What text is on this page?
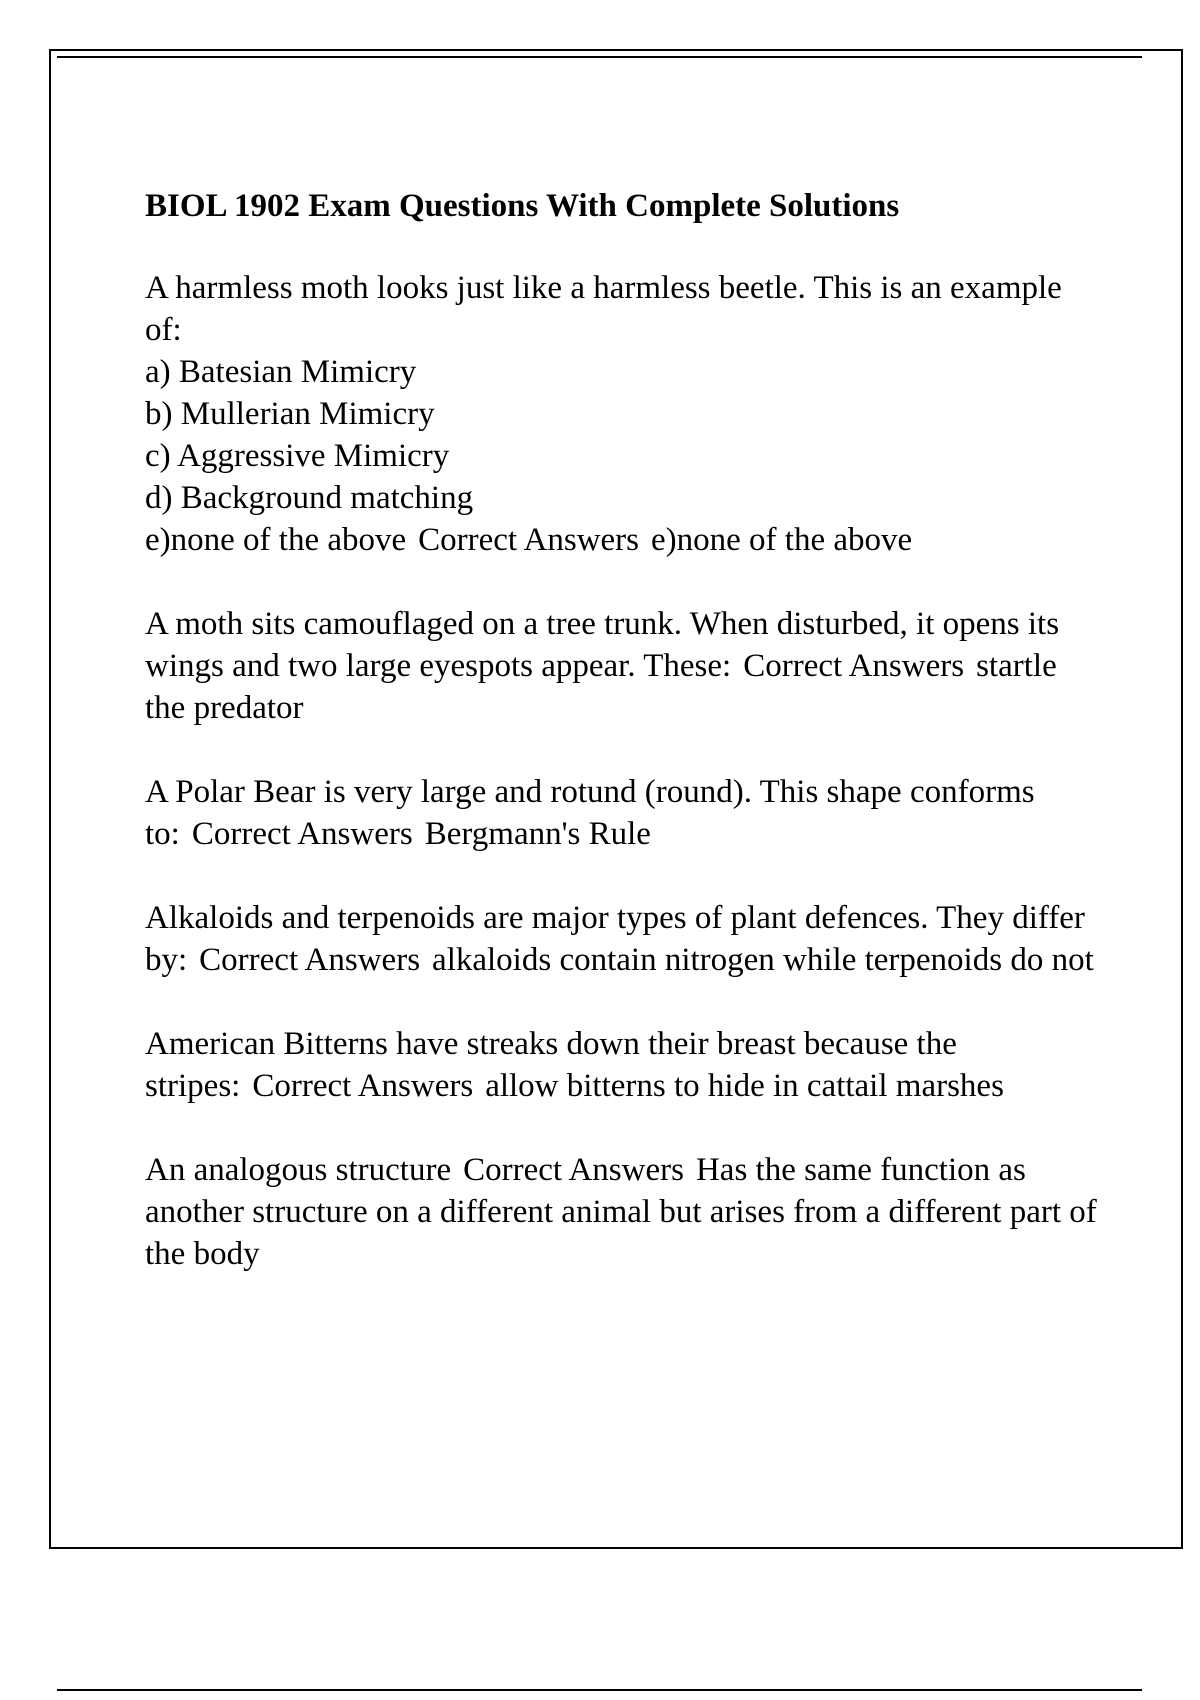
BIOL 1902 Exam Questions With Complete Solutions

A harmless moth looks just like a harmless beetle. This is an example of:

a) Batesian Mimicry
b) Mullerian Mimicry
c) Aggressive Mimicry
d) Background matching

e)none of the above Correct Answers e)none of the above

A moth sits camouflaged on a tree trunk. When disturbed, it opens its wings and two large eyespots appear. These: Correct Answers startle the predator

A Polar Bear is very large and rotund (round). This shape conforms to: Correct Answers Bergmann's Rule

Alkaloids and terpenoids are major types of plant defences. They differ by: Correct Answers alkaloids contain nitrogen while terpenoids do not

American Bitterns have streaks down their breast because the stripes: Correct Answers allow bitterns to hide in cattail marshes

An analogous structure Correct Answers Has the same function as another structure on a different animal but arises from a different part of the body
